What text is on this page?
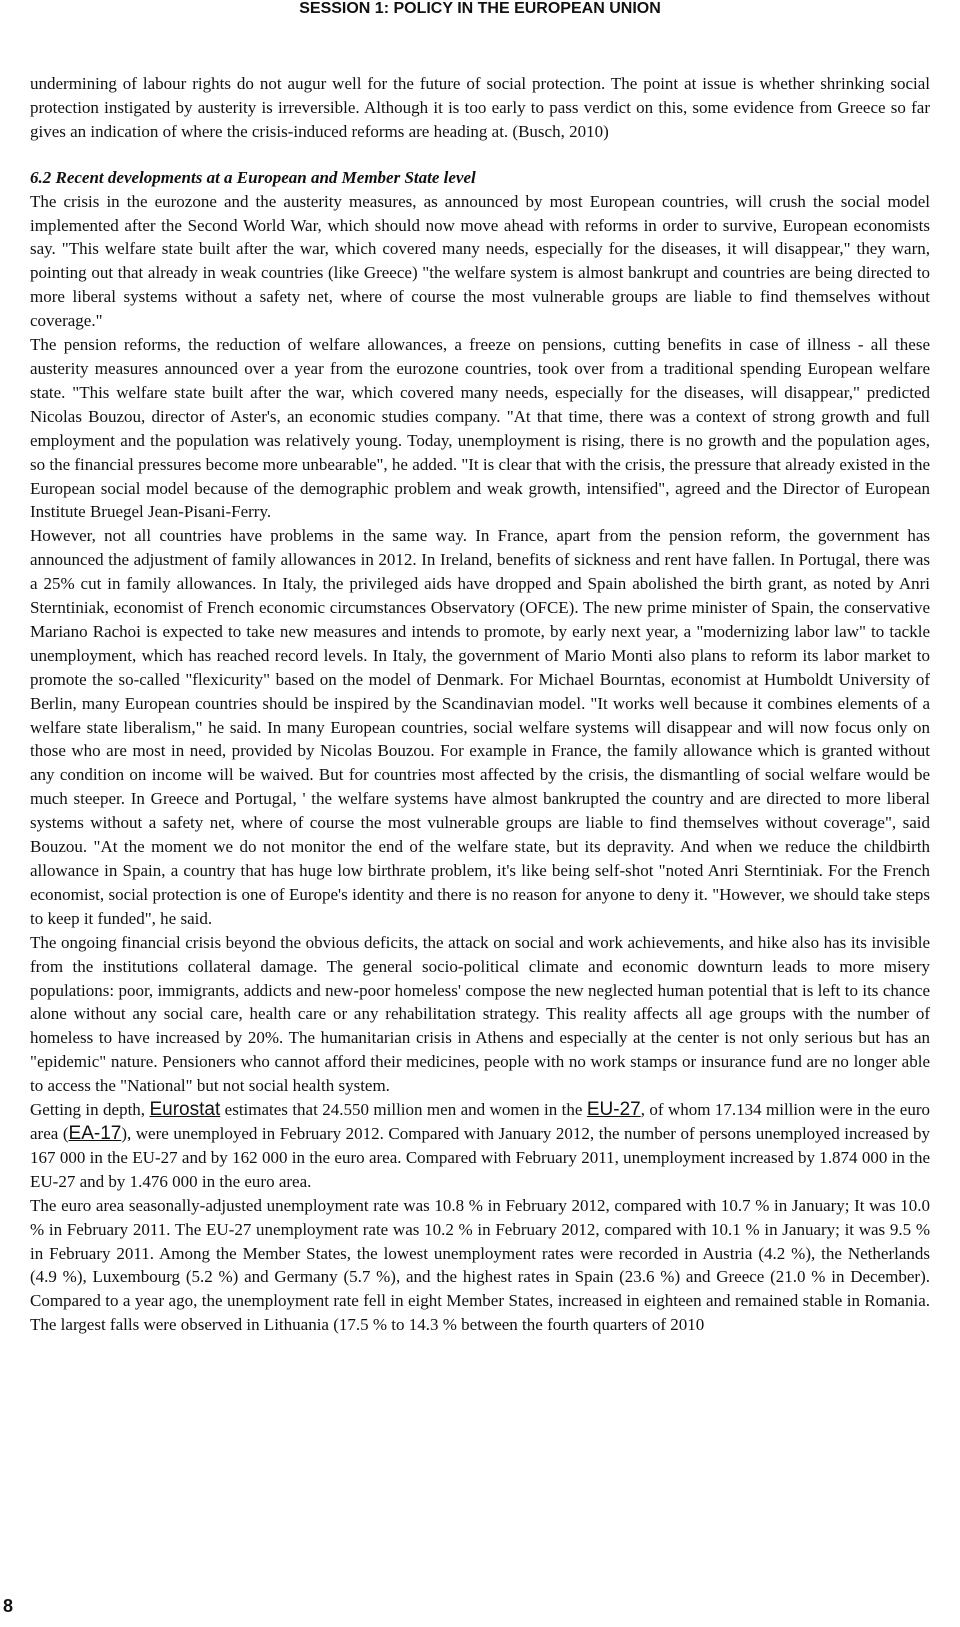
SESSION 1: POLICY IN THE EUROPEAN UNION

undermining of labour rights do not augur well for the future of social protection. The point at issue is whether shrinking social protection instigated by austerity is irreversible. Although it is too early to pass verdict on this, some evidence from Greece so far gives an indication of where the crisis-induced reforms are heading at. (Busch, 2010)

6.2 Recent developments at a European and Member State level

The crisis in the eurozone and the austerity measures, as announced by most European countries, will crush the social model implemented after the Second World War, which should now move ahead with reforms in order to survive, European economists say. "This welfare state built after the war, which covered many needs, especially for the diseases, it will disappear," they warn, pointing out that already in weak countries (like Greece) "the welfare system is almost bankrupt and countries are being directed to more liberal systems without a safety net, where of course the most vulnerable groups are liable to find themselves without coverage."

The pension reforms, the reduction of welfare allowances, a freeze on pensions, cutting benefits in case of illness - all these austerity measures announced over a year from the eurozone countries, took over from a traditional spending European welfare state. "This welfare state built after the war, which covered many needs, especially for the diseases, will disappear," predicted Nicolas Bouzou, director of Aster's, an economic studies company. "At that time, there was a context of strong growth and full employment and the population was relatively young. Today, unemployment is rising, there is no growth and the population ages, so the financial pressures become more unbearable", he added. "It is clear that with the crisis, the pressure that already existed in the European social model because of the demographic problem and weak growth, intensified", agreed and the Director of European Institute Bruegel Jean-Pisani-Ferry.

However, not all countries have problems in the same way. In France, apart from the pension reform, the government has announced the adjustment of family allowances in 2012. In Ireland, benefits of sickness and rent have fallen. In Portugal, there was a 25% cut in family allowances. In Italy, the privileged aids have dropped and Spain abolished the birth grant, as noted by Anri Sterntiniak, economist of French economic circumstances Observatory (OFCE). The new prime minister of Spain, the conservative Mariano Rachoi is expected to take new measures and intends to promote, by early next year, a "modernizing labor law" to tackle unemployment, which has reached record levels. In Italy, the government of Mario Monti also plans to reform its labor market to promote the so-called "flexicurity" based on the model of Denmark. For Michael Bourntas, economist at Humboldt University of Berlin, many European countries should be inspired by the Scandinavian model. "It works well because it combines elements of a welfare state liberalism," he said. In many European countries, social welfare systems will disappear and will now focus only on those who are most in need, provided by Nicolas Bouzou. For example in France, the family allowance which is granted without any condition on income will be waived. But for countries most affected by the crisis, the dismantling of social welfare would be much steeper. In Greece and Portugal, ' the welfare systems have almost bankrupted the country and are directed to more liberal systems without a safety net, where of course the most vulnerable groups are liable to find themselves without coverage", said Bouzou. "At the moment we do not monitor the end of the welfare state, but its depravity. And when we reduce the childbirth allowance in Spain, a country that has huge low birthrate problem, it's like being self-shot "noted Anri Sterntiniak. For the French economist, social protection is one of Europe's identity and there is no reason for anyone to deny it. "However, we should take steps to keep it funded", he said.

The ongoing financial crisis beyond the obvious deficits, the attack on social and work achievements, and hike also has its invisible from the institutions collateral damage. The general socio-political climate and economic downturn leads to more misery populations: poor, immigrants, addicts and new-poor homeless' compose the new neglected human potential that is left to its chance alone without any social care, health care or any rehabilitation strategy. This reality affects all age groups with the number of homeless to have increased by 20%. The humanitarian crisis in Athens and especially at the center is not only serious but has an "epidemic" nature. Pensioners who cannot afford their medicines, people with no work stamps or insurance fund are no longer able to access the "National" but not social health system.

Getting in depth, Eurostat estimates that 24.550 million men and women in the EU-27, of whom 17.134 million were in the euro area (EA-17), were unemployed in February 2012. Compared with January 2012, the number of persons unemployed increased by 167 000 in the EU-27 and by 162 000 in the euro area. Compared with February 2011, unemployment increased by 1.874 000 in the EU-27 and by 1.476 000 in the euro area.

The euro area seasonally-adjusted unemployment rate was 10.8 % in February 2012, compared with 10.7 % in January; It was 10.0 % in February 2011. The EU-27 unemployment rate was 10.2 % in February 2012, compared with 10.1 % in January; it was 9.5 % in February 2011. Among the Member States, the lowest unemployment rates were recorded in Austria (4.2 %), the Netherlands (4.9 %), Luxembourg (5.2 %) and Germany (5.7 %), and the highest rates in Spain (23.6 %) and Greece (21.0 % in December). Compared to a year ago, the unemployment rate fell in eight Member States, increased in eighteen and remained stable in Romania. The largest falls were observed in Lithuania (17.5 % to 14.3 % between the fourth quarters of 2010

8
